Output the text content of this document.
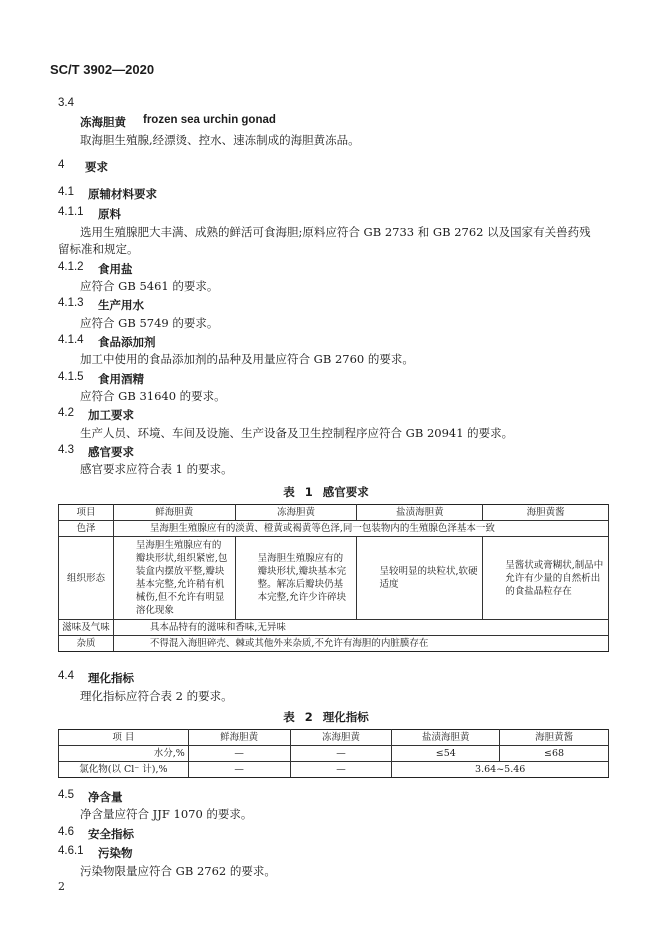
SC/T 3902—2020
3.4
冻海胆黄 frozen sea urchin gonad
取海胆生殖腺,经漂烫、控水、速冻制成的海胆黄冻品。
4 要求
4.1 原辅材料要求
4.1.1 原料
选用生殖腺肥大丰满、成熟的鲜活可食海胆;原料应符合 GB 2733 和 GB 2762 以及国家有关兽药残
留标准和规定。
4.1.2 食用盐
应符合 GB 5461 的要求。
4.1.3 生产用水
应符合 GB 5749 的要求。
4.1.4 食品添加剂
加工中使用的食品添加剂的品种及用量应符合 GB 2760 的要求。
4.1.5 食用酒精
应符合 GB 31640 的要求。
4.2 加工要求
生产人员、环境、车间及设施、生产设备及卫生控制程序应符合 GB 20941 的要求。
4.3 感官要求
感官要求应符合表 1 的要求。
表 1 感官要求
项目	鲜海胆黄	冻海胆黄	盐渍海胆黄	海胆黄酱
色泽	呈海胆生殖腺应有的淡黄、橙黄或褐黄等色泽,同一包装物内的生殖腺色泽基本一致			
组织形态	呈海胆生殖腺应有的瓣块形状,组织紧密,包装盒内摆放平整,瓣块基本完整,允许稍有机械伤,但不允许有明显溶化现象	呈海胆生殖腺应有的瓣块形状,瓣块基本完整。解冻后瓣块仍基本完整,允许少许碎块	呈较明显的块粒状,软硬适度	呈酱状或膏糊状,制品中允许有少量的自然析出的食盐晶粒存在
滋味及气味	具本品特有的滋味和香味,无异味			
杂质	不得混入海胆碎壳、棘或其他外来杂质,不允许有海胆的内脏膜存在			
4.4 理化指标
理化指标应符合表 2 的要求。
表 2 理化指标
项 目	鲜海胆黄	冻海胆黄	盐渍海胆黄	海胆黄酱
水分,%	—	—	≤54	≤68
氯化物(以 Cl⁻ 计),%	—	—	3.64~5.46	
4.5 净含量
净含量应符合 JJF 1070 的要求。
4.6 安全指标
4.6.1 污染物
污染物限量应符合 GB 2762 的要求。
2
